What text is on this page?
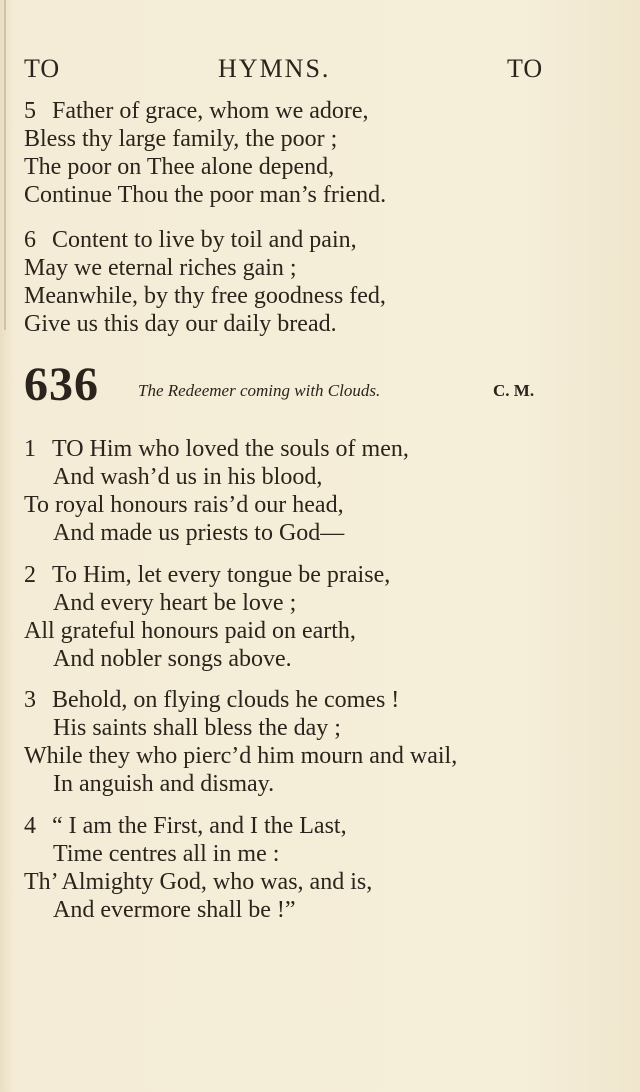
TO	HYMNS.	TO
5 Father of grace, whom we adore,
Bless thy large family, the poor ;
The poor on Thee alone depend,
Continue Thou the poor man’s friend.
6 Content to live by toil and pain,
May we eternal riches gain ;
Meanwhile, by thy free goodness fed,
Give us this day our daily bread.
636 The Redeemer coming with Clouds.	C. M.
1 TO Him who loved the souls of men,
And wash’d us in his blood,
To royal honours rais’d our head,
And made us priests to God—
2 To Him, let every tongue be praise,
And every heart be love ;
All grateful honours paid on earth,
And nobler songs above.
3 Behold, on flying clouds he comes !
His saints shall bless the day ;
While they who pierc’d him mourn and wail,
In anguish and dismay.
4 “ I am the First, and I the Last,
Time centres all in me :
Th’ Almighty God, who was, and is,
And evermore shall be !”
